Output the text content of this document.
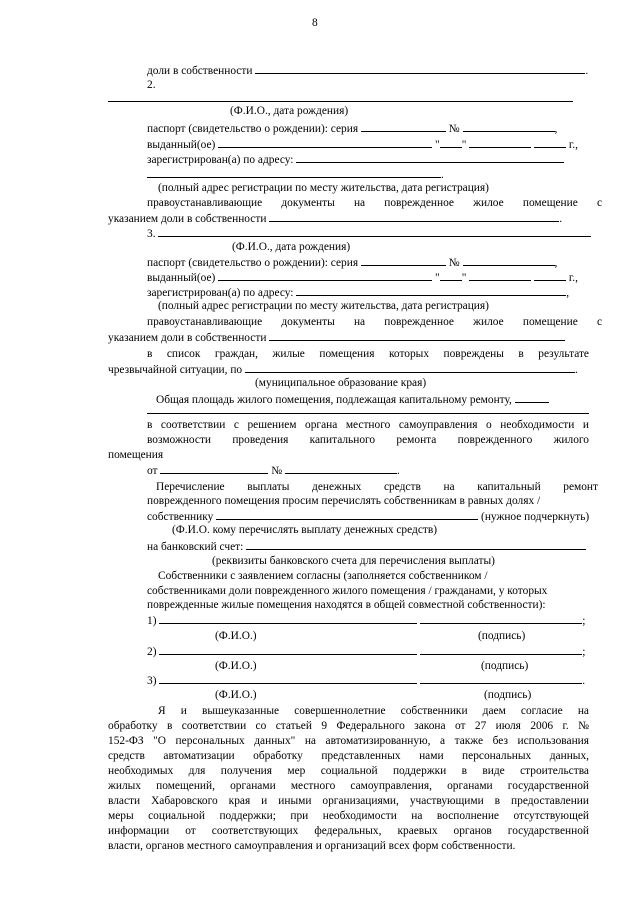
8
доли в собственности	.
2.
(Ф.И.О., дата рождения)
паспорт (свидетельство о рождении): серия	№	,
выданный(ое)	" "	г.,
зарегистрирован(а) по адресу:
.
(полный адрес регистрации по месту жительства, дата регистрация)
правоустанавливающие документы на поврежденное жилое помещение с
указанием доли в собственности	.
3.
(Ф.И.О., дата рождения)
паспорт (свидетельство о рождении): серия	№	,
выданный(ое)	" "	г.,
зарегистрирован(а) по адресу:	,
(полный адрес регистрации по месту жительства, дата регистрация)
правоустанавливающие документы на поврежденное жилое помещение с
указанием доли в собственности
в список граждан, жилые помещения которых повреждены в результате
чрезвычайной ситуации, по	.
(муниципальное образование края)
Общая площадь жилого помещения, подлежащая капитальному ремонту,
в соответствии с решением органа местного самоуправления о необходимости и
возможности проведения капитального ремонта поврежденного жилого
помещения
от	№	.
Перечисление выплаты денежных средств на капитальный ремонт
поврежденного помещения просим перечислять собственникам в равных долях /
собственнику	(нужное подчеркнуть)
(Ф.И.О. кому перечислять выплату денежных средств)
на банковский счет:
(реквизиты банковского счета для перечисления выплаты)
Собственники с заявлением согласны (заполняется собственником /
собственниками доли поврежденного жилого помещения / гражданами, у которых
поврежденные жилые помещения находятся в общей совместной собственности):
1)	;
(Ф.И.О.)	(подпись)
2)	;
(Ф.И.О.)	(подпись)
3)	.
(Ф.И.О.)	(подпись)
Я и вышеуказанные совершеннолетние собственники даем согласие на
обработку в соответствии со статьей 9 Федерального закона от 27 июля 2006 г. №
152-ФЗ "О персональных данных" на автоматизированную, а также без использования
средств автоматизации обработку представленных нами персональных данных,
необходимых для получения мер социальной поддержки в виде строительства
жилых помещений, органами местного самоуправления, органами государственной
власти Хабаровского края и иными организациями, участвующими в предоставлении
меры социальной поддержки; при необходимости на восполнение отсутствующей
информации от соответствующих федеральных, краевых органов государственной
власти, органов местного самоуправления и организаций всех форм собственности.
